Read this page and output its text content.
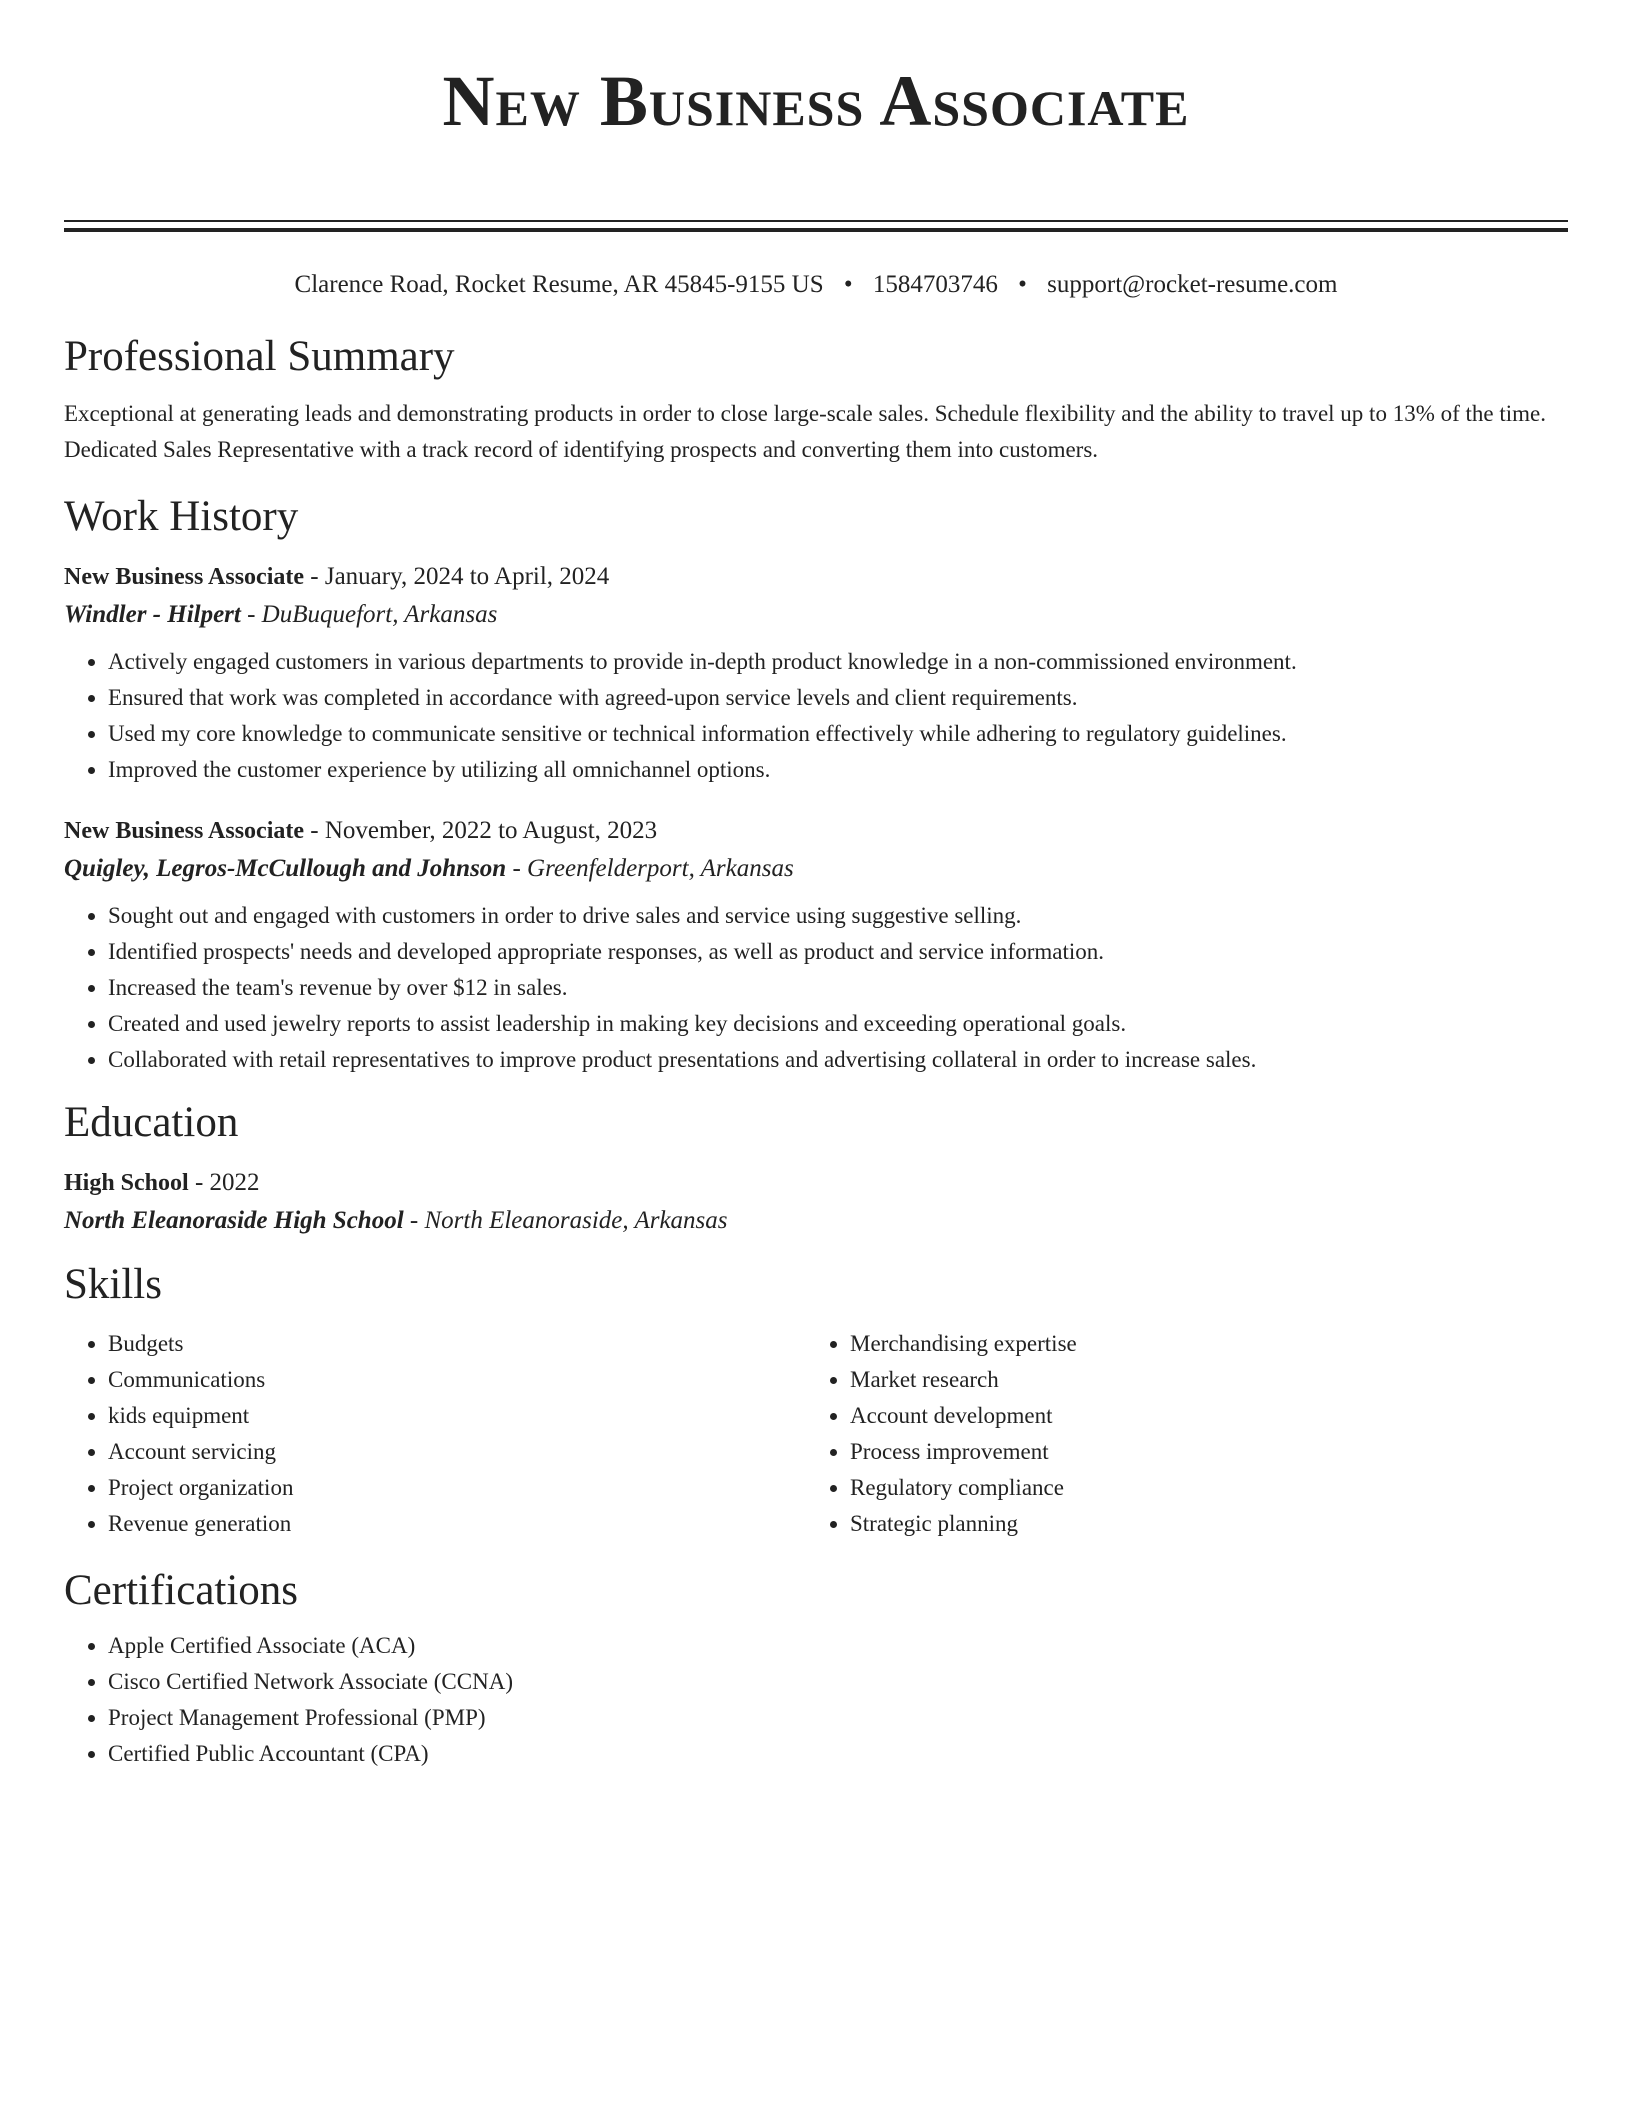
New Business Associate
Clarence Road, Rocket Resume, AR 45845-9155 US • 1584703746 • support@rocket-resume.com
Professional Summary
Exceptional at generating leads and demonstrating products in order to close large-scale sales. Schedule flexibility and the ability to travel up to 13% of the time. Dedicated Sales Representative with a track record of identifying prospects and converting them into customers.
Work History
New Business Associate - January, 2024 to April, 2024
Windler - Hilpert - DuBuquefort, Arkansas
• Actively engaged customers in various departments to provide in-depth product knowledge in a non-commissioned environment.
• Ensured that work was completed in accordance with agreed-upon service levels and client requirements.
• Used my core knowledge to communicate sensitive or technical information effectively while adhering to regulatory guidelines.
• Improved the customer experience by utilizing all omnichannel options.
New Business Associate - November, 2022 to August, 2023
Quigley, Legros-McCullough and Johnson - Greenfelderport, Arkansas
• Sought out and engaged with customers in order to drive sales and service using suggestive selling.
• Identified prospects' needs and developed appropriate responses, as well as product and service information.
• Increased the team's revenue by over $12 in sales.
• Created and used jewelry reports to assist leadership in making key decisions and exceeding operational goals.
• Collaborated with retail representatives to improve product presentations and advertising collateral in order to increase sales.
Education
High School - 2022
North Eleanoraside High School - North Eleanoraside, Arkansas
Skills
• Budgets
• Communications
• kids equipment
• Account servicing
• Project organization
• Revenue generation
• Merchandising expertise
• Market research
• Account development
• Process improvement
• Regulatory compliance
• Strategic planning
Certifications
• Apple Certified Associate (ACA)
• Cisco Certified Network Associate (CCNA)
• Project Management Professional (PMP)
• Certified Public Accountant (CPA)
